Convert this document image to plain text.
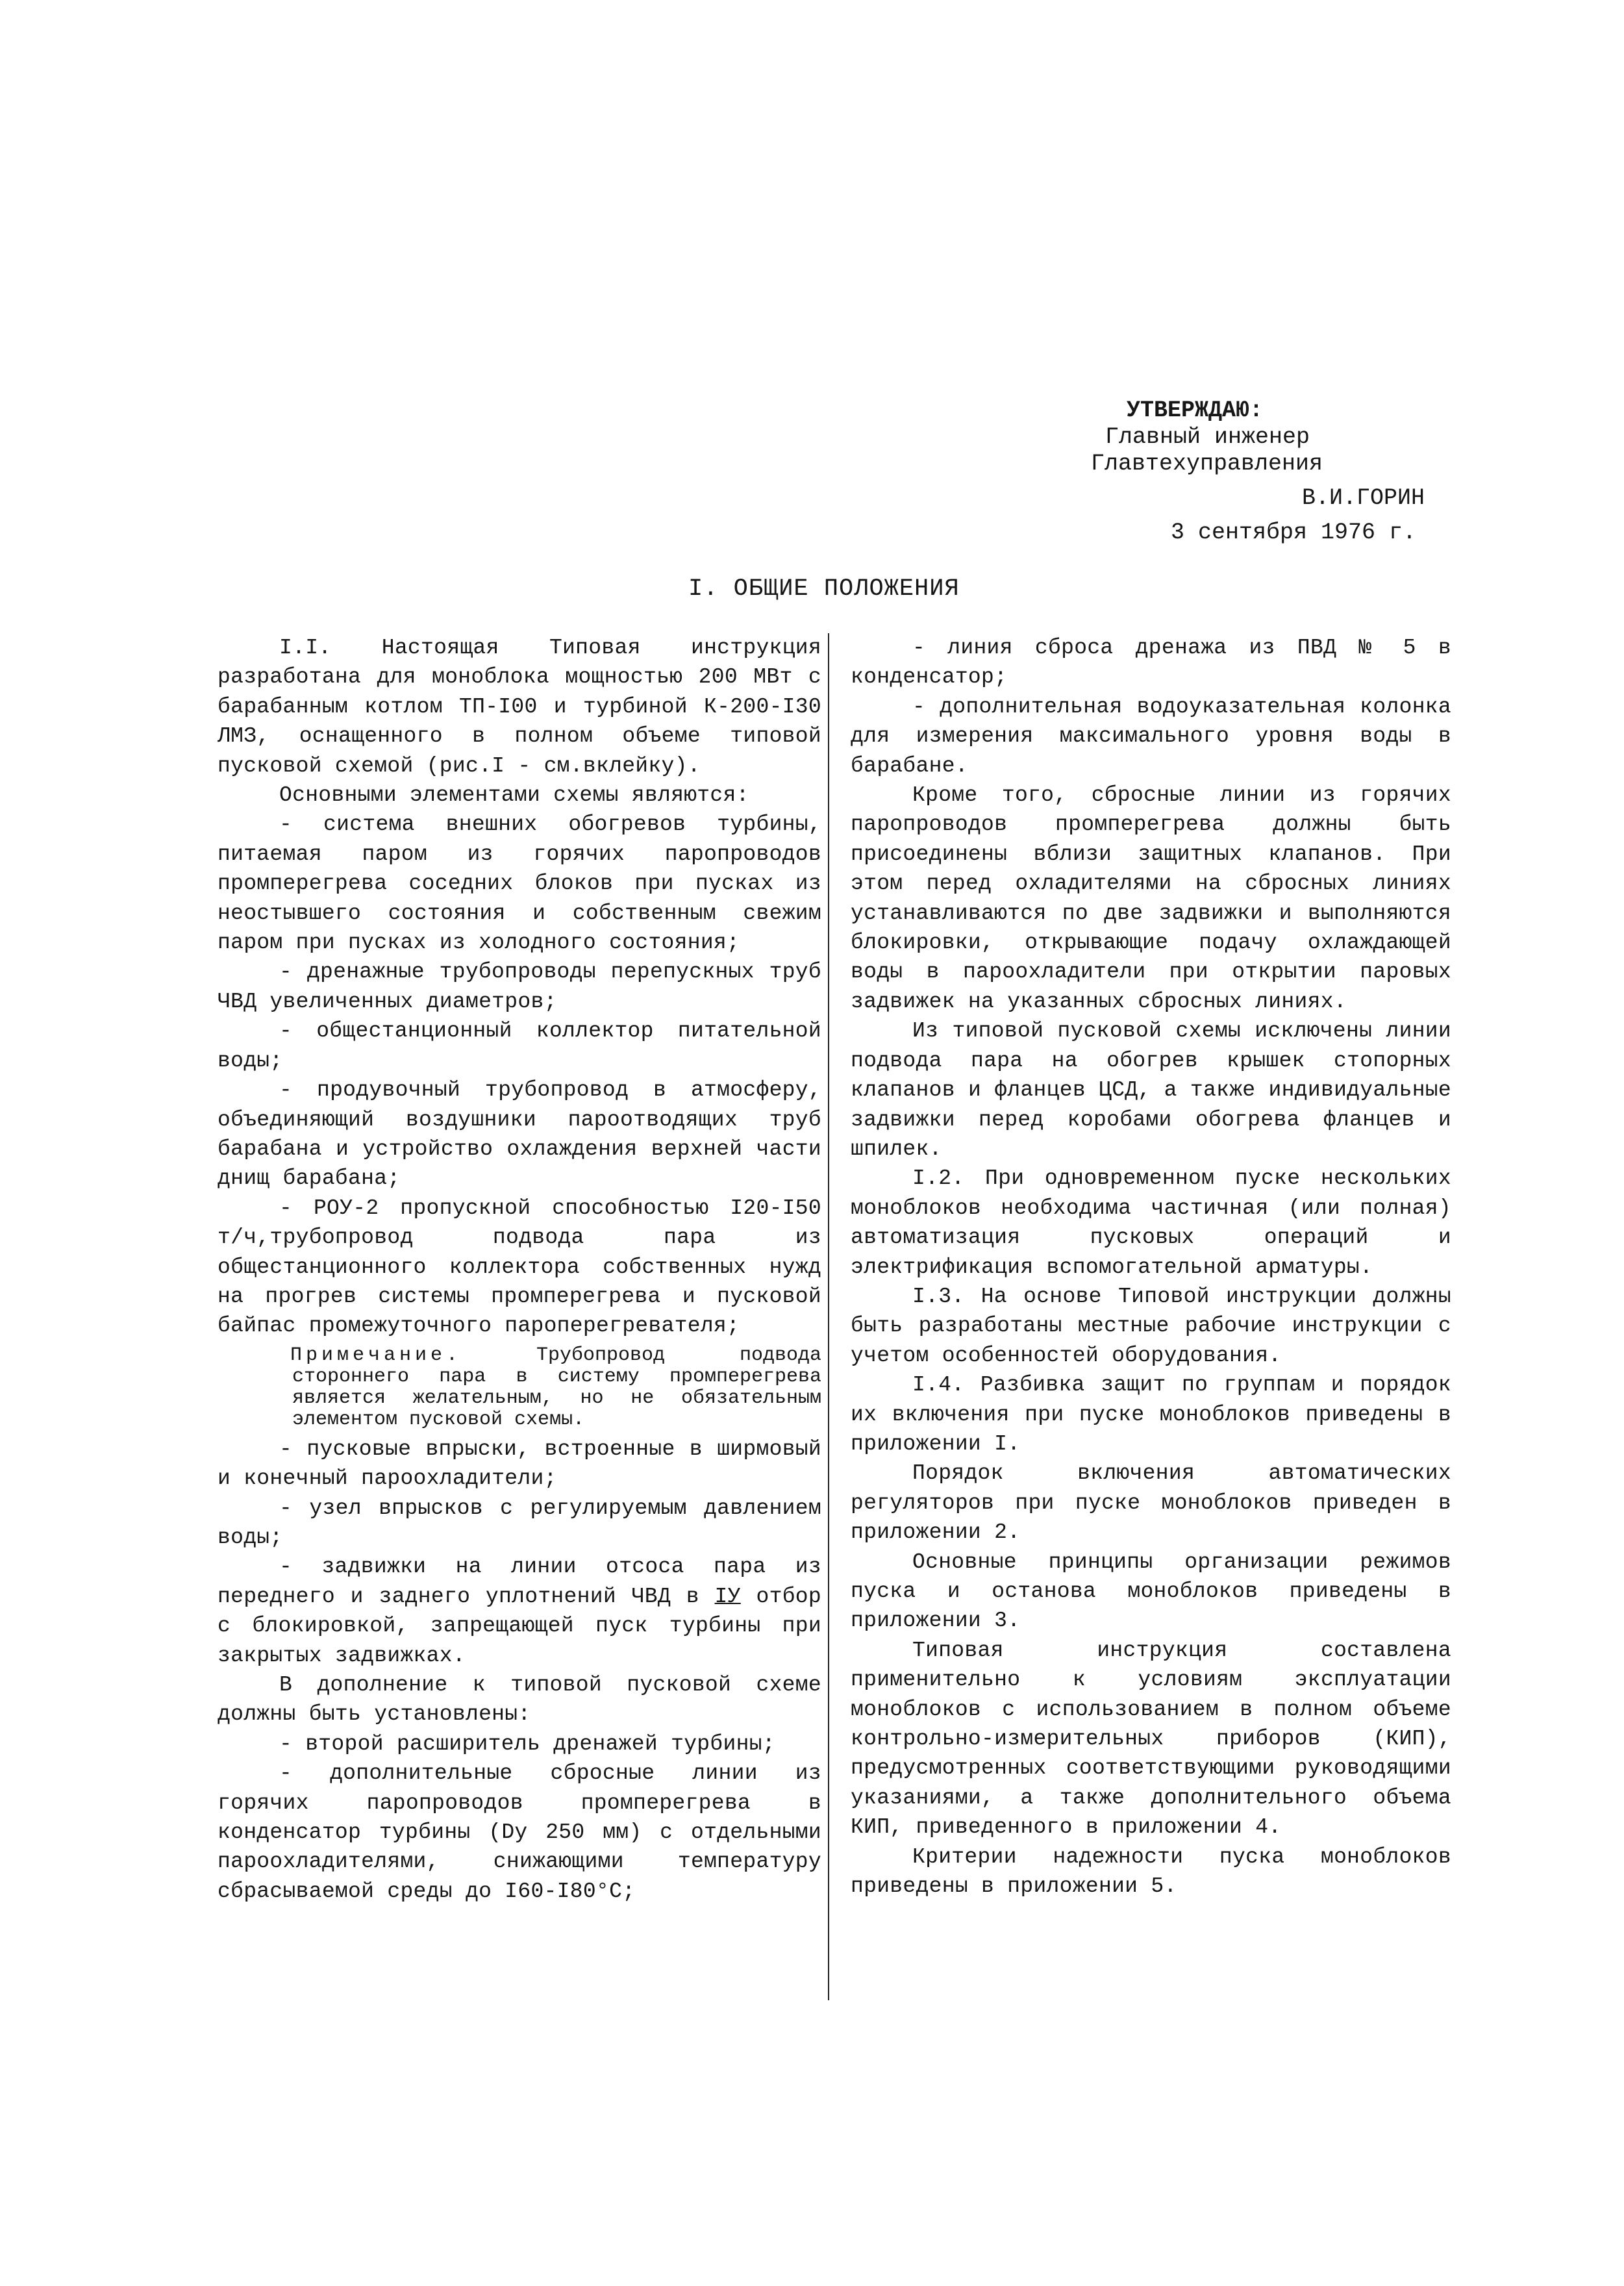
УТВЕРЖДАЮ:
Главный инженер
Главтехуправления
В.И.ГОРИН
3 сентября 1976 г.
I. ОБЩИЕ ПОЛОЖЕНИЯ

I.I. Настоящая Типовая инструкция разработана для моноблока мощностью 200 МВт с барабанным котлом ТП-I00 и турбиной К-200-I30 ЛМЗ, оснащенного в полном объеме типовой пусковой схемой (рис.I - см.вклейку).

Основными элементами схемы являются:

- система внешних обогревов турбины, питаемая паром из горячих паропроводов промперегрева соседних блоков при пусках из неостывшего состояния и собственным свежим паром при пусках из холодного состояния;

- дренажные трубопроводы перепускных труб ЧВД увеличенных диаметров;

- общестанционный коллектор питательной воды;

- продувочный трубопровод в атмосферу, объединяющий воздушники пароотводящих труб барабана и устройство охлаждения верхней части днищ барабана;

- РОУ-2 пропускной способностью I20-I50 т/ч,трубопровод подвода пара из общестанционного коллектора собственных нужд на прогрев системы промперегрева и пусковой байпас промежуточного пароперегревателя;

Примечание.	Трубопровод подвода стороннего пара в систему промперегрева является желательным, но не обязательным элементом пусковой схемы.

- пусковые впрыски, встроенные в ширмовый и конечный пароохладители;

- узел впрысков с регулируемым давлением воды;

- задвижки на линии отсоса пара из переднего и заднего уплотнений ЧВД в IУ отбор с блокировкой, запрещающей пуск турбины при закрытых задвижках.

В дополнение к типовой пусковой схеме должны быть установлены:

- второй расширитель дренажей турбины;

- дополнительные сбросные линии из горячих паропроводов промперегрева в конденсатор турбины (Dу 250 мм) с отдельными пароохладителями, снижающими температуру сбрасываемой среды до I60-I80°С;

- линия сброса дренажа из ПВД № 5 в конденсатор;

- дополнительная водоуказательная колонка для измерения максимального уровня воды в барабане.

Кроме того, сбросные линии из горячих паропроводов промперегрева должны быть присоединены вблизи защитных клапанов. При этом перед охладителями на сбросных линиях устанавливаются по две задвижки и выполняются блокировки, открывающие подачу охлаждающей воды в пароохладители при открытии паровых задвижек на указанных сбросных линиях.

Из типовой пусковой схемы исключены линии подвода пара на обогрев крышек стопорных клапанов и фланцев ЦСД, а также индивидуальные задвижки перед коробами обогрева фланцев и шпилек.

I.2. При одновременном пуске нескольких моноблоков необходима частичная (или полная) автоматизация пусковых операций и электрификация вспомогательной арматуры.

I.3. На основе Типовой инструкции должны быть разработаны местные рабочие инструкции с учетом особенностей оборудования.

I.4. Разбивка защит по группам и порядок их включения при пуске моноблоков приведены в приложении I.

Порядок включения автоматических регуляторов при пуске моноблоков приведен в приложении 2.

Основные принципы организации режимов пуска и останова моноблоков приведены в приложении 3.

Типовая инструкция составлена применительно к условиям эксплуатации моноблоков с использованием в полном объеме контрольно-измерительных приборов (КИП), предусмотренных соответствующими руководящими указаниями, а также дополнительного объема КИП, приведенного в приложении 4.

Критерии надежности пуска моноблоков приведены в приложении 5.
